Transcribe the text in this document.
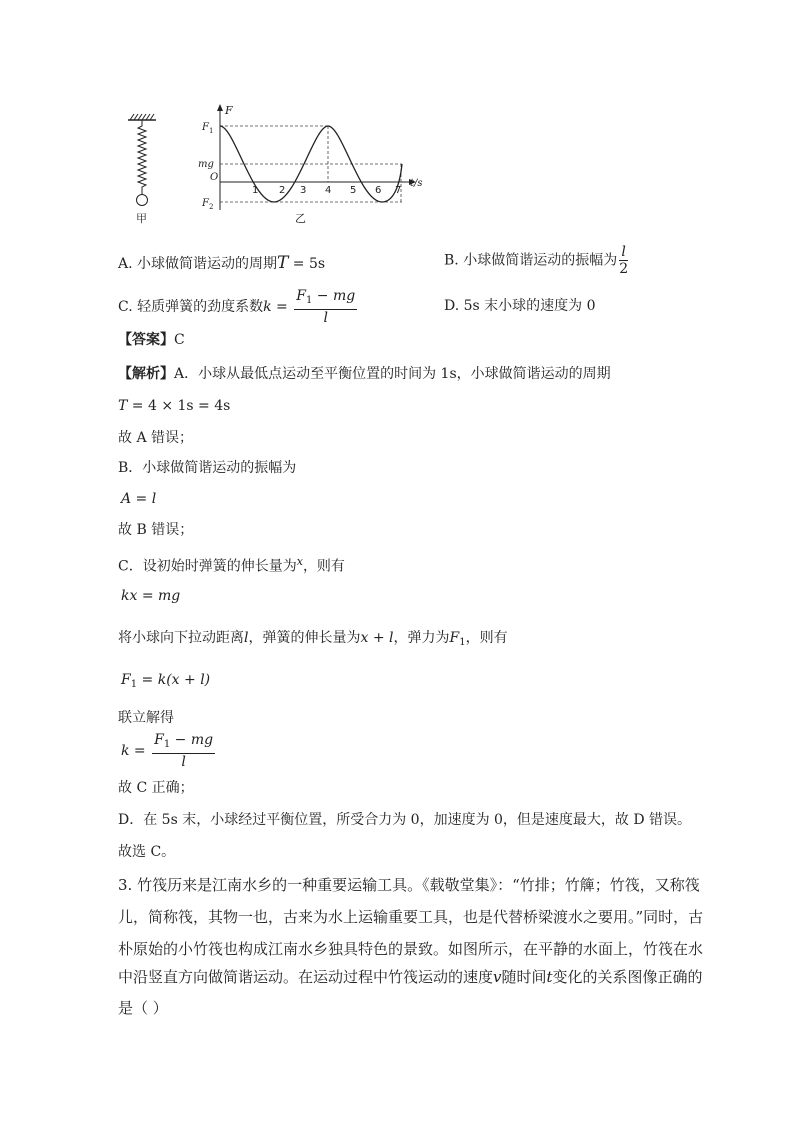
甲
F
t/s
O
$F_1$
mg
$F_2$
1 2 3 4 5 6 7
乙
A. 小球做简谐运动的周期T = 5s	B. 小球做简谐运动的振幅为 $\frac{l}{2}$
C. 轻质弹簧的劲度系数$k = \frac{F_1 - mg}{l}$	D. 5s 末小球的速度为 0
【答案】C
【解析】A．小球从最低点运动至平衡位置的时间为 1s，小球做简谐运动的周期
T = 4 × 1s = 4s
故 A 错误；
B．小球做简谐运动的振幅为
A = l
故 B 错误；
C．设初始时弹簧的伸长量为$^x$，则有
kx = mg
将小球向下拉动距离l，弹簧的伸长量为x + l，弹力为$F_1$，则有
$F_1 = k(x + l)$
联立解得
$k = \frac{F_1 - mg}{l}$
故 C 正确；
D．在 5s 末，小球经过平衡位置，所受合力为 0，加速度为 0，但是速度最大，故 D 错误。
故选 C。
3. 竹筏历来是江南水乡的一种重要运输工具。《载敬堂集》：“竹排；竹簰；竹筏，又称筏
儿，简称筏，其物一也，古来为水上运输重要工具，也是代替桥梁渡水之要用。”同时，古
朴原始的小竹筏也构成江南水乡独具特色的景致。如图所示，在平静的水面上，竹筏在水
中沿竖直方向做简谐运动。在运动过程中竹筏运动的速度v随时间t变化的关系图像正确的
是（ ）
